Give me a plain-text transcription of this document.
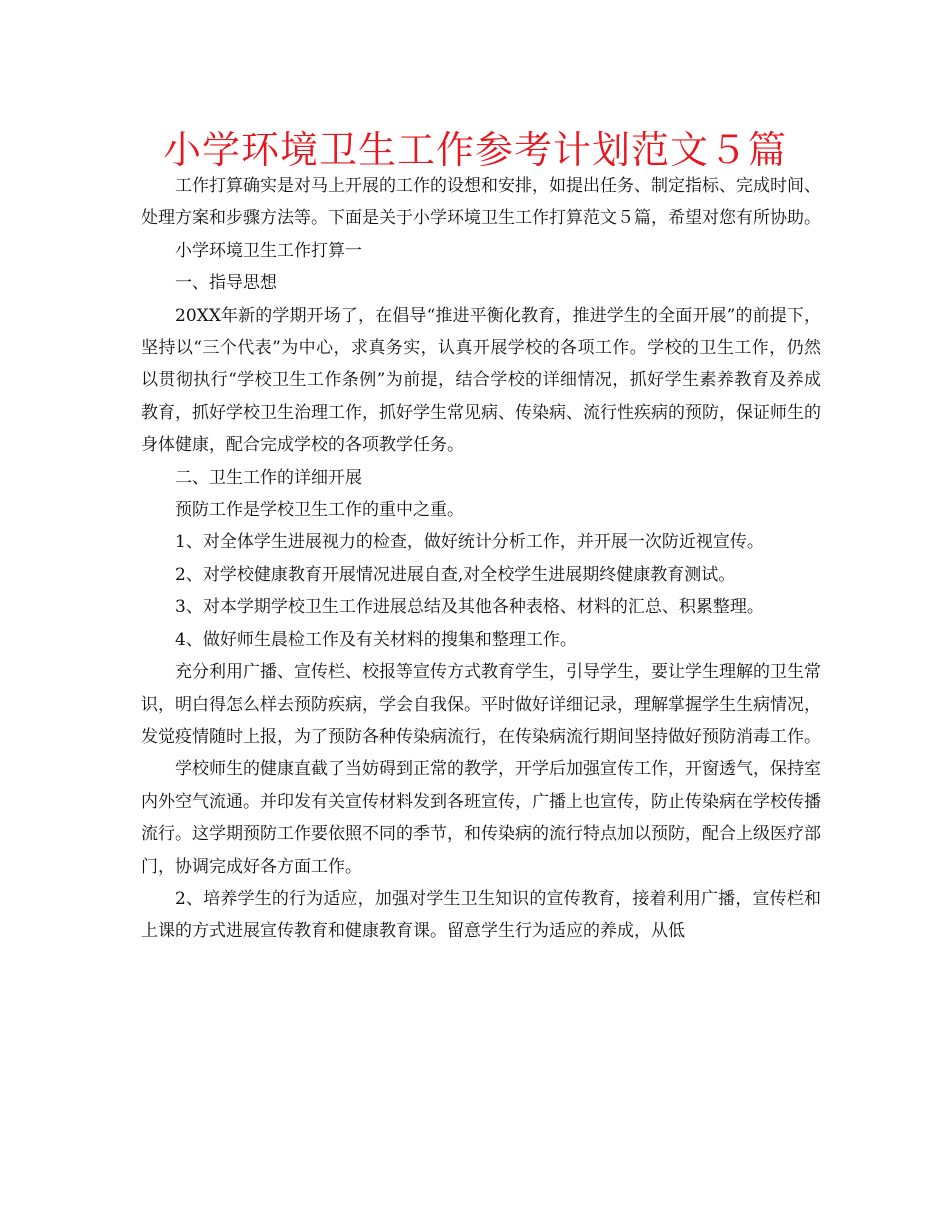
小学环境卫生工作参考计划范文５篇

工作打算确实是对马上开展的工作的设想和安排，如提出任务、制定指标、完成时间、处理方案和步骤方法等。下面是关于小学环境卫生工作打算范文５篇，希望对您有所协助。

小学环境卫生工作打算一

一、指导思想

20XX年新的学期开场了，在倡导“推进平衡化教育，推进学生的全面开展”的前提下，坚持以“三个代表”为中心，求真务实，认真开展学校的各项工作。学校的卫生工作，仍然以贯彻执行“学校卫生工作条例”为前提，结合学校的详细情况，抓好学生素养教育及养成教育，抓好学校卫生治理工作，抓好学生常见病、传染病、流行性疾病的预防，保证师生的身体健康，配合完成学校的各项教学任务。

二、卫生工作的详细开展

预防工作是学校卫生工作的重中之重。

1、对全体学生进展视力的检查，做好统计分析工作，并开展一次防近视宣传。

2、对学校健康教育开展情况进展自查,对全校学生进展期终健康教育测试。

3、对本学期学校卫生工作进展总结及其他各种表格、材料的汇总、积累整理。

4、做好师生晨检工作及有关材料的搜集和整理工作。

充分利用广播、宣传栏、校报等宣传方式教育学生，引导学生，要让学生理解的卫生常识，明白得怎么样去预防疾病，学会自我保。平时做好详细记录，理解掌握学生生病情况，发觉疫情随时上报，为了预防各种传染病流行，在传染病流行期间坚持做好预防消毒工作。

学校师生的健康直截了当妨碍到正常的教学，开学后加强宣传工作，开窗透气，保持室内外空气流通。并印发有关宣传材料发到各班宣传，广播上也宣传，防止传染病在学校传播流行。这学期预防工作要依照不同的季节，和传染病的流行特点加以预防，配合上级医疗部门，协调完成好各方面工作。

2、培养学生的行为适应，加强对学生卫生知识的宣传教育，接着利用广播，宣传栏和上课的方式进展宣传教育和健康教育课。留意学生行为适应的养成，从低
